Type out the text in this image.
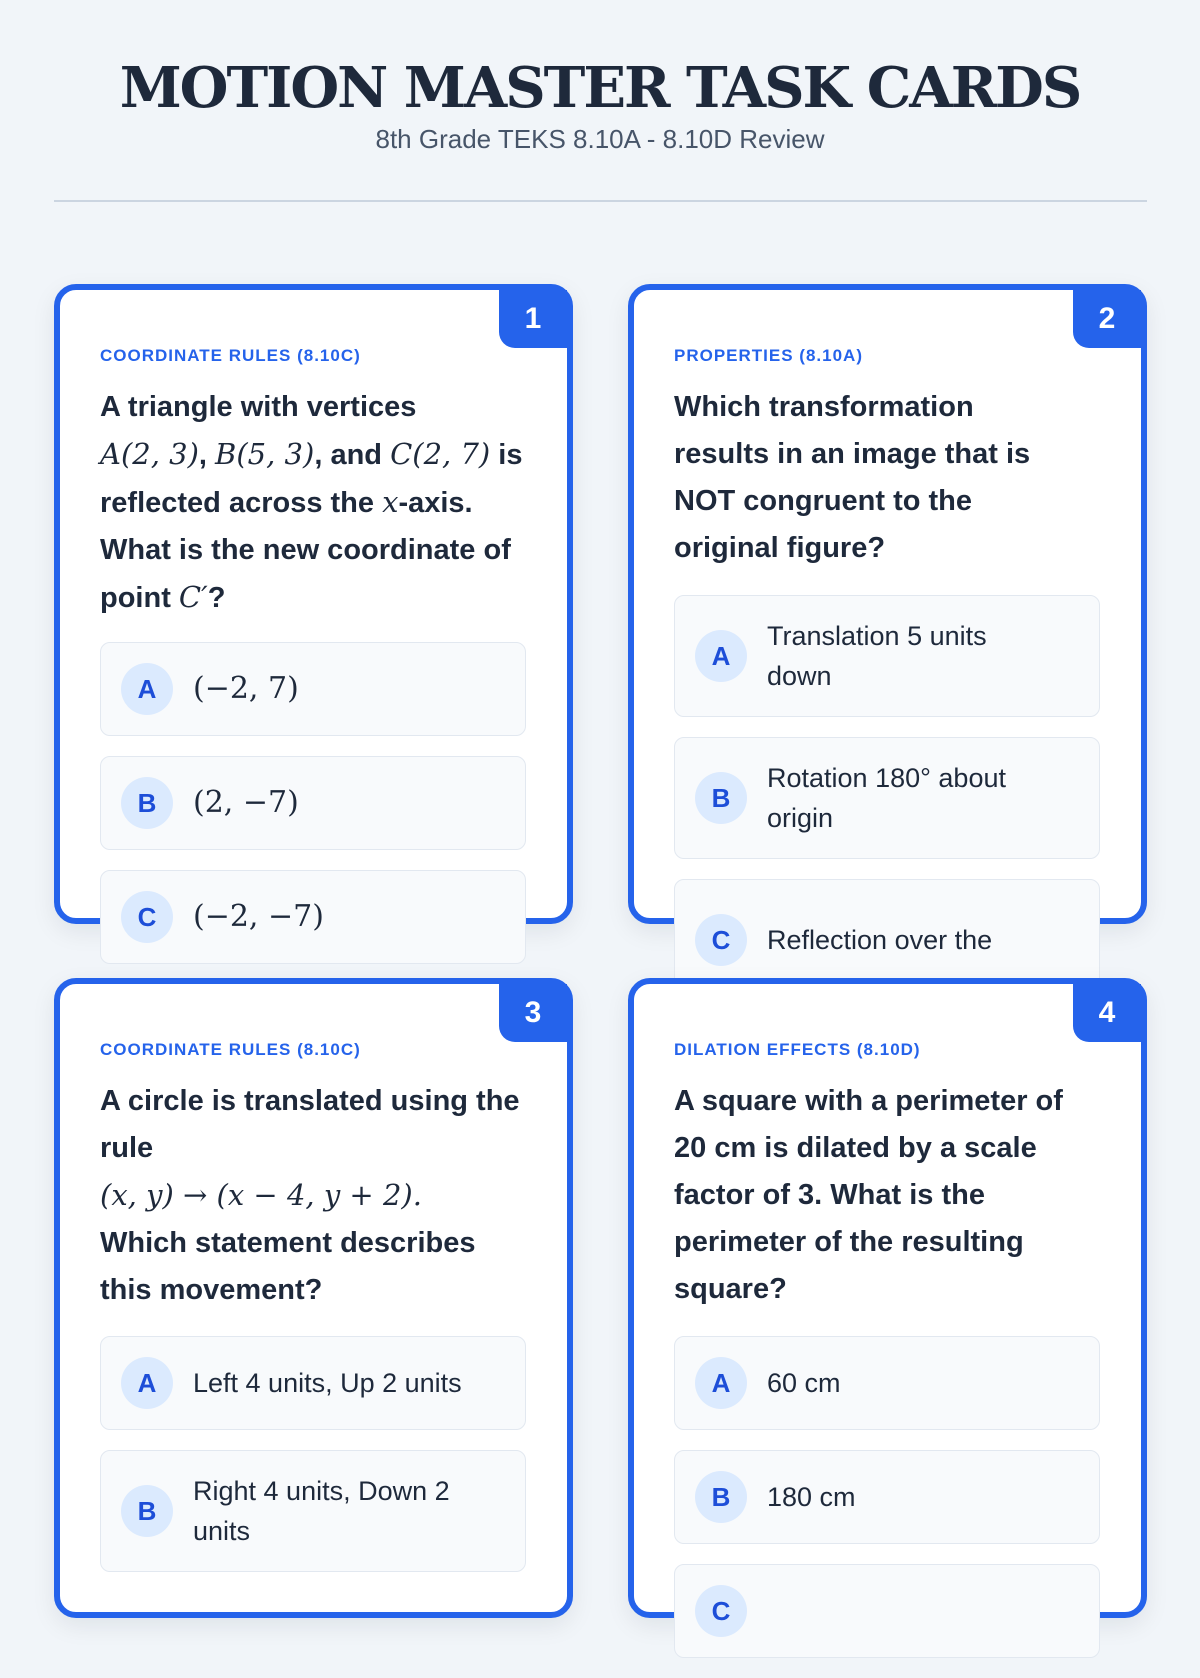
MOTION MASTER TASK CARDS
8th Grade TEKS 8.10A - 8.10D Review
1
COORDINATE RULES (8.10C)
A triangle with vertices
A(2, 3), B(5, 3), and C(2, 7) is reflected across the x-axis. What is the new coordinate of point C′?
A	(−2, 7)
B	(2, −7)
C	(−2, −7)
2
PROPERTIES (8.10A)
Which transformation results in an image that is NOT congruent to the original figure?
A
Translation 5 units down
B
Rotation 180° about origin
C	Reflection over the
3
COORDINATE RULES (8.10C)
A circle is translated using the rule
(x, y) → (x − 4, y + 2).
Which statement describes this movement?
A	Left 4 units, Up 2 units
B
Right 4 units, Down 2 units
4
DILATION EFFECTS (8.10D)
A square with a perimeter of 20 cm is dilated by a scale factor of 3. What is the perimeter of the resulting square?
A	60 cm
B	180 cm
C
